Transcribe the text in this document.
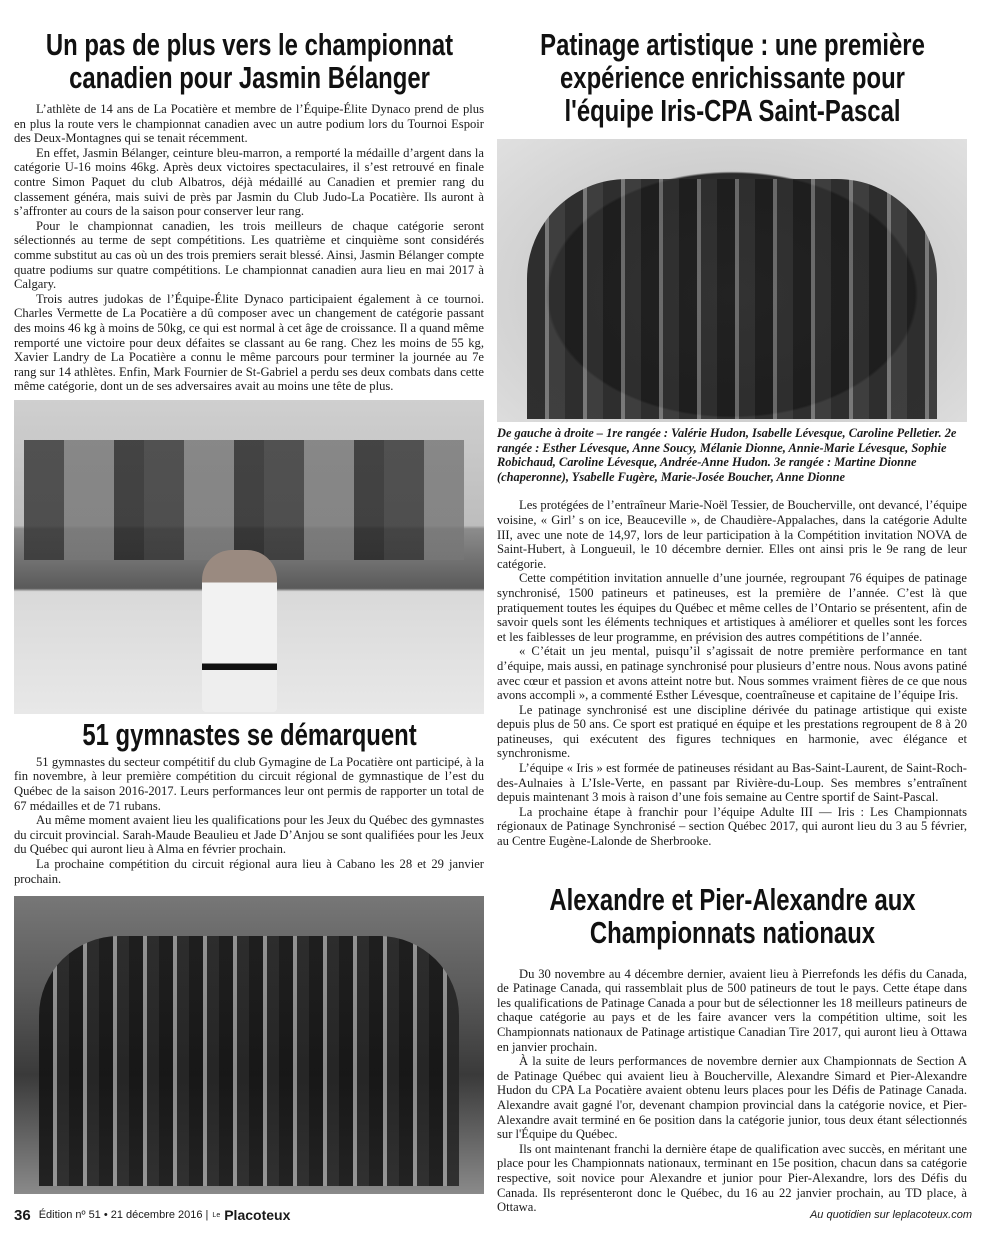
Un pas de plus vers le championnat
canadien pour Jasmin Bélanger

L’athlète de 14 ans de La Pocatière et membre de l’Équipe-Élite Dynaco prend de plus en plus la route vers le championnat canadien avec un autre podium lors du Tournoi Espoir des Deux-Montagnes qui se tenait récemment.

En effet, Jasmin Bélanger, ceinture bleu-marron, a remporté la médaille d’argent dans la catégorie U-16 moins 46kg. Après deux victoires spectaculaires, il s’est retrouvé en finale contre Simon Paquet du club Albatros, déjà médaillé au Canadien et premier rang du classement généra, mais suivi de près par Jasmin du Club Judo-La Pocatière. Ils auront à s’affronter au cours de la saison pour conserver leur rang.

Pour le championnat canadien, les trois meilleurs de chaque catégorie seront sélectionnés au terme de sept compétitions. Les quatrième et cinquième sont considérés comme substitut au cas où un des trois premiers serait blessé. Ainsi, Jasmin Bélanger compte quatre podiums sur quatre compétitions. Le championnat canadien aura lieu en mai 2017 à Calgary.

Trois autres judokas de l’Équipe-Élite Dynaco participaient également à ce tournoi. Charles Vermette de La Pocatière a dû composer avec un changement de catégorie passant des moins 46 kg à moins de 50kg, ce qui est normal à cet âge de croissance. Il a quand même remporté une victoire pour deux défaites se classant au 6e rang. Chez les moins de 55 kg, Xavier Landry de La Pocatière a connu le même parcours pour terminer la journée au 7e rang sur 14 athlètes. Enfin, Mark Fournier de St-Gabriel a perdu ses deux combats dans cette même catégorie, dont un de ses adversaires avait au moins une tête de plus.

51 gymnastes se démarquent

51 gymnastes du secteur compétitif du club Gymagine de La Pocatière ont participé, à la fin novembre, à leur première compétition du circuit régional de gymnastique de l’est du Québec de la saison 2016-2017. Leurs performances leur ont permis de rapporter un total de 67 médailles et de 71 rubans.

Au même moment avaient lieu les qualifications pour les Jeux du Québec des gymnastes du circuit provincial. Sarah-Maude Beaulieu et Jade D’Anjou se sont qualifiées pour les Jeux du Québec qui auront lieu à Alma en février prochain.

La prochaine compétition du circuit régional aura lieu à Cabano les 28 et 29 janvier prochain.

Patinage artistique : une première
expérience enrichissante pour
l'équipe Iris-CPA Saint-Pascal
De gauche à droite – 1re rangée : Valérie Hudon, Isabelle Lévesque, Caroline Pelletier. 2e rangée : Esther Lévesque, Anne Soucy, Mélanie Dionne, Annie-Marie Lévesque, Sophie Robichaud, Caroline Lévesque, Andrée-Anne Hudon. 3e rangée : Martine Dionne (chaperonne), Ysabelle Fugère, Marie-Josée Boucher, Anne Dionne

Les protégées de l’entraîneur Marie-Noël Tessier, de Boucherville, ont devancé, l’équipe voisine, « Girl’ s on ice, Beauceville », de Chaudière-Appalaches, dans la catégorie Adulte III, avec une note de 14,97, lors de leur participation à la Compétition invitation NOVA de Saint-Hubert, à Longueuil, le 10 décembre dernier. Elles ont ainsi pris le 9e rang de leur catégorie.

Cette compétition invitation annuelle d’une journée, regroupant 76 équipes de patinage synchronisé, 1500 patineurs et patineuses, est la première de l’année. C’est là que pratiquement toutes les équipes du Québec et même celles de l’Ontario se présentent, afin de savoir quels sont les éléments techniques et artistiques à améliorer et quelles sont les forces et les faiblesses de leur programme, en prévision des autres compétitions de l’année.

« C’était un jeu mental, puisqu’il s’agissait de notre première performance en tant d’équipe, mais aussi, en patinage synchronisé pour plusieurs d’entre nous. Nous avons patiné avec cœur et passion et avons atteint notre but. Nous sommes vraiment fières de ce que nous avons accompli », a commenté Esther Lévesque, coentraîneuse et capitaine de l’équipe Iris.

Le patinage synchronisé est une discipline dérivée du patinage artistique qui existe depuis plus de 50 ans. Ce sport est pratiqué en équipe et les prestations regroupent de 8 à 20 patineuses, qui exécutent des figures techniques en harmonie, avec élégance et synchronisme.

L’équipe « Iris » est formée de patineuses résidant au Bas-Saint-Laurent, de Saint-Roch-des-Aulnaies à L’Isle-Verte, en passant par Rivière-du-Loup. Ses membres s’entraînent depuis maintenant 3 mois à raison d’une fois semaine au Centre sportif de Saint-Pascal.

La prochaine étape à franchir pour l’équipe Adulte III — Iris : Les Championnats régionaux de Patinage Synchronisé – section Québec 2017, qui auront lieu du 3 au 5 février, au Centre Eugène-Lalonde de Sherbrooke.

Alexandre et Pier-Alexandre aux
Championnats nationaux

Du 30 novembre au 4 décembre dernier, avaient lieu à Pierrefonds les défis du Canada, de Patinage Canada, qui rassemblait plus de 500 patineurs de tout le pays. Cette étape dans les qualifications de Patinage Canada a pour but de sélectionner les 18 meilleurs patineurs de chaque catégorie au pays et de les faire avancer vers la compétition ultime, soit les Championnats nationaux de Patinage artistique Canadian Tire 2017, qui auront lieu à Ottawa en janvier prochain.

À la suite de leurs performances de novembre dernier aux Championnats de Section A de Patinage Québec qui avaient lieu à Boucherville, Alexandre Simard et Pier-Alexandre Hudon du CPA La Pocatière avaient obtenu leurs places pour les Défis de Patinage Canada. Alexandre avait gagné l'or, devenant champion provincial dans la catégorie novice, et Pier-Alexandre avait terminé en 6e position dans la catégorie junior, tous deux étant sélectionnés sur l'Équipe du Québec.

Ils ont maintenant franchi la dernière étape de qualification avec succès, en méritant une place pour les Championnats nationaux, terminant en 15e position, chacun dans sa catégorie respective, soit novice pour Alexandre et junior pour Pier-Alexandre, lors des Défis du Canada. Ils représenteront donc le Québec, du 16 au 22 janvier prochain, au TD place, à Ottawa.

36 Édition nº 51 • 21 décembre 2016 | Le Placoteux	Au quotidien sur leplacoteux.com
